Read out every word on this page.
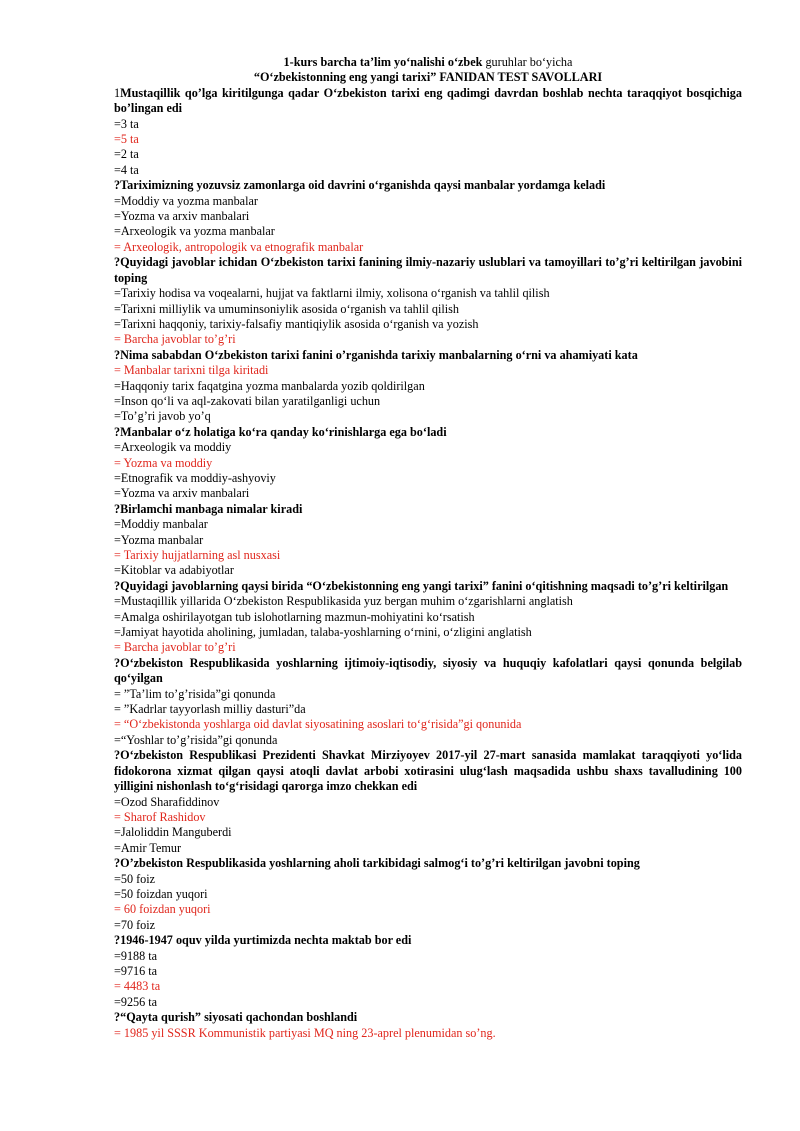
1-kurs barcha ta’lim yo‘nalishi o‘zbek guruhlar bo‘yicha
“O‘zbekistonning eng yangi tarixi” FANIDAN TEST SAVOLLARI
1Mustaqillik qo’lga kiritilgunga qadar O‘zbekiston tarixi eng qadimgi davrdan boshlab nechta taraqqiyot bosqichiga bo’lingan edi
=3 ta
=5 ta
=2 ta
=4 ta
?Tariximizning yozuvsiz zamonlarga oid davrini o‘rganishda qaysi manbalar yordamga keladi
=Moddiy va yozma manbalar
=Yozma va arxiv manbalari
=Arxeologik va yozma manbalar
= Arxeologik, antropologik va etnografik manbalar
?Quyidagi javoblar ichidan O‘zbekiston tarixi fanining ilmiy-nazariy uslublari va tamoyillari to’g’ri keltirilgan javobini toping
=Tarixiy hodisa va voqealarni, hujjat va faktlarni ilmiy, xolisona o‘rganish va tahlil qilish
=Tarixni milliylik va umuminsoniylik asosida o‘rganish va tahlil qilish
=Tarixni haqqoniy, tarixiy-falsafiy mantiqiylik asosida o‘rganish va yozish
= Barcha javoblar to’g’ri
?Nima sababdan O‘zbekiston tarixi fanini o’rganishda tarixiy manbalarning o‘rni va ahamiyati kata
= Manbalar tarixni tilga kiritadi
=Haqqoniy tarix faqatgina yozma manbalarda yozib qoldirilgan
=Inson qo‘li va aql-zakovati bilan yaratilganligi uchun
=To’g’ri javob yo’q
?Manbalar o‘z holatiga ko‘ra qanday ko‘rinishlarga ega bo‘ladi
=Arxeologik va moddiy
= Yozma va moddiy
=Etnografik va moddiy-ashyoviy
=Yozma va arxiv manbalari
?Birlamchi manbaga nimalar kiradi
=Moddiy manbalar
=Yozma manbalar
= Tarixiy hujjatlarning asl nusxasi
=Kitoblar va adabiyotlar
?Quyidagi javoblarning qaysi birida “O‘zbekistonning eng yangi tarixi” fanini o‘qitishning maqsadi to’g’ri keltirilgan
=Mustaqillik yillarida O‘zbekiston Respublikasida yuz bergan muhim o‘zgarishlarni anglatish
=Amalga oshirilayotgan tub islohotlarning mazmun-mohiyatini ko‘rsatish
=Jamiyat hayotida aholining, jumladan, talaba-yoshlarning o‘rnini, o‘zligini anglatish
= Barcha javoblar to’g’ri
?O‘zbekiston Respublikasida yoshlarning ijtimoiy-iqtisodiy, siyosiy va huquqiy kafolatlari qaysi qonunda belgilab qo‘yilgan
= ”Ta’lim to’g’risida”gi qonunda
= ”Kadrlar tayyorlash milliy dasturi”da
= “O‘zbekistonda yoshlarga oid davlat siyosatining asoslari to‘g‘risida”gi qonunida
=“Yoshlar to’g’risida”gi qonunda
?O‘zbekiston Respublikasi Prezidenti Shavkat Mirziyoyev 2017-yil 27-mart sanasida mamlakat taraqqiyoti yo‘lida fidokorona xizmat qilgan qaysi atoqli davlat arbobi xotirasini ulug‘lash maqsadida ushbu shaxs tavalludining 100 yilligini nishonlash to‘g‘risidagi qarorga imzo chekkan edi
=Ozod Sharafiddinov
= Sharof Rashidov
=Jaloliddin Manguberdi
=Amir Temur
?O’zbekiston Respublikasida yoshlarning aholi tarkibidagi salmog‘i to’g’ri keltirilgan javobni toping
=50 foiz
=50 foizdan yuqori
= 60 foizdan yuqori
=70 foiz
?1946-1947 oquv yilda yurtimizda nechta maktab bor edi
=9188 ta
=9716 ta
= 4483 ta
=9256 ta
?“Qayta qurish” siyosati qachondan boshlandi
= 1985 yil SSSR Kommunistik partiyasi MQ ning 23-aprel plenumidan so’ng.
